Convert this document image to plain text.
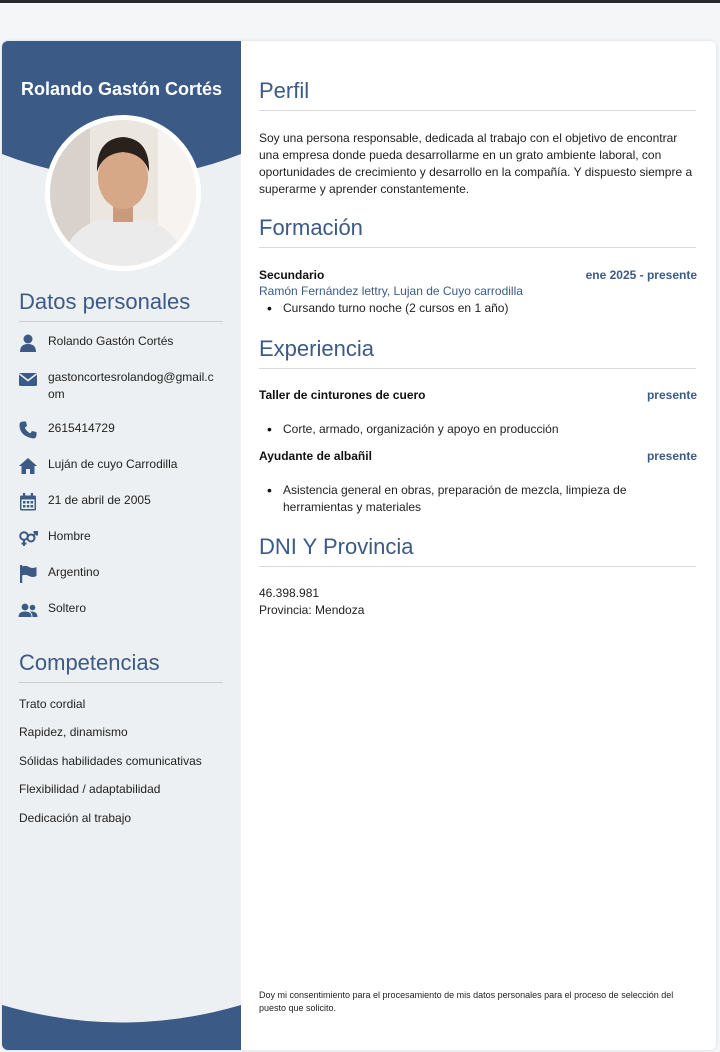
Rolando Gastón Cortés
Datos personales
Rolando Gastón Cortés
gastoncortesrolandog@gmail.com
2615414729
Luján de cuyo Carrodilla
21 de abril de 2005
Hombre
Argentino
Soltero
Competencias
Trato cordial
Rapidez, dinamismo
Sólidas habilidades comunicativas
Flexibilidad / adaptabilidad
Dedicación al trabajo
Perfil
Soy una persona responsable, dedicada al trabajo con el objetivo de encontrar una empresa donde pueda desarrollarme en un grato ambiente laboral, con oportunidades de crecimiento y desarrollo en la compañía. Y dispuesto siempre a superarme y aprender constantemente.
Formación
Secundario	ene 2025 - presente
Ramón Fernández lettry, Lujan de Cuyo carrodilla
• Cursando turno noche (2 cursos en 1 año)
Experiencia
Taller de cinturones de cuero	presente
• Corte, armado, organización y apoyo en producción
Ayudante de albañil	presente
• Asistencia general en obras, preparación de mezcla, limpieza de herramientas y materiales
DNI Y Provincia
46.398.981
Provincia: Mendoza
Doy mi consentimiento para el procesamiento de mis datos personales para el proceso de selección del puesto que solicito.
